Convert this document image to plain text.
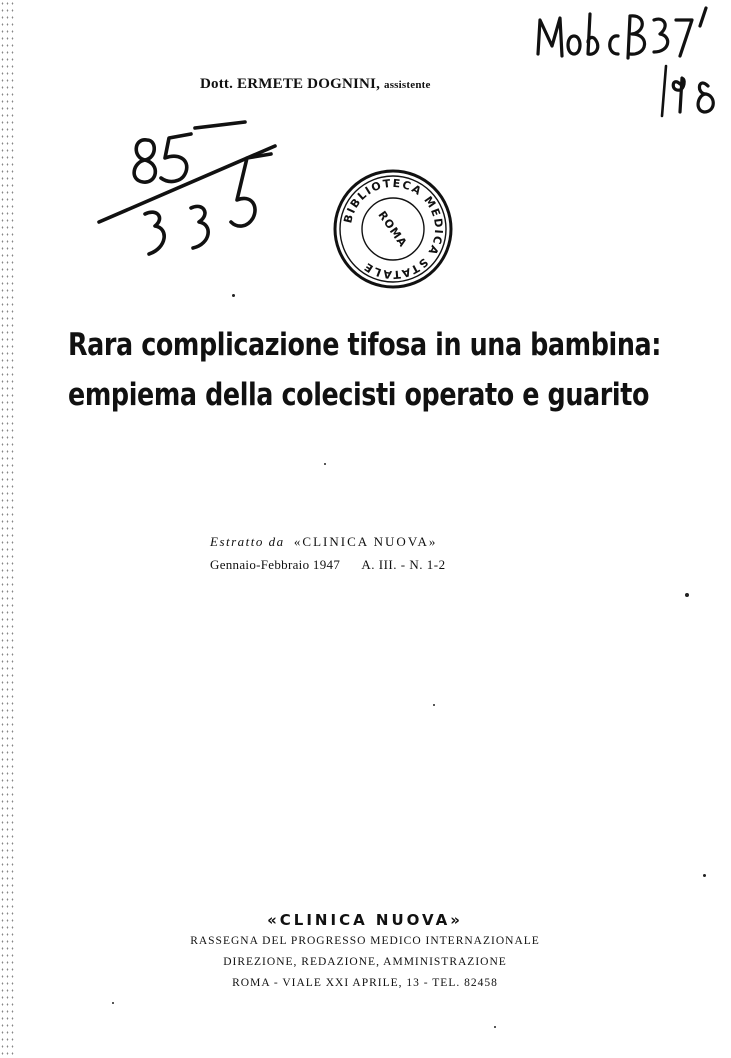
Dott. ERMETE DOGNINI, assistente
BIBLIOTECA MEDICA STATALE
ROMA
Rara complicazione tifosa in una bambina:
empiema della colecisti operato e guarito
Estratto da «CLINICA NUOVA»
Gennaio-Febbraio 1947 A. III. - N. 1-2
«CLINICA NUOVA»
RASSEGNA DEL PROGRESSO MEDICO INTERNAZIONALE
DIREZIONE, REDAZIONE, AMMINISTRAZIONE
ROMA - VIALE XXI APRILE, 13 - TEL. 82458
